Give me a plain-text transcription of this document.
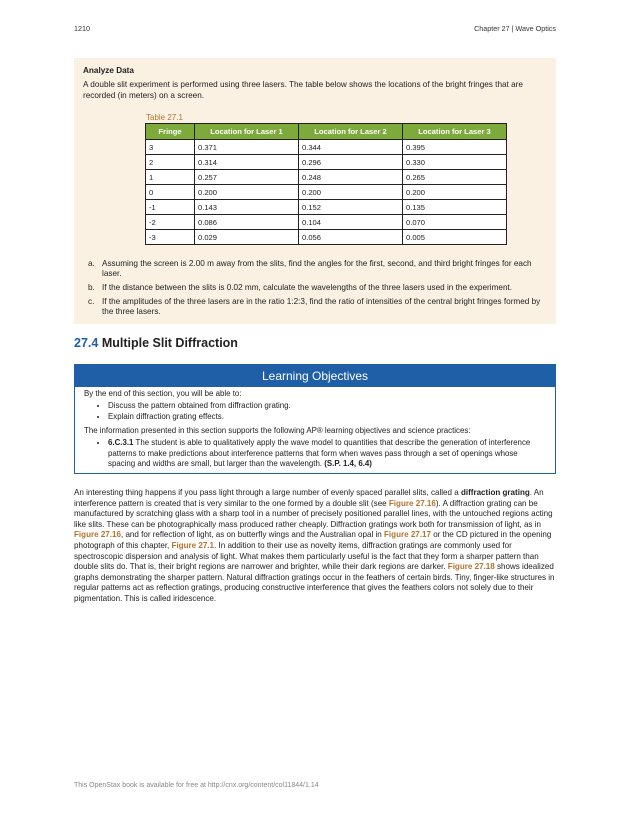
1210	Chapter 27 | Wave Optics
Analyze Data
A double slit experiment is performed using three lasers. The table below shows the locations of the bright fringes that are recorded (in meters) on a screen.
Table 27.1
Fringe	Location for Laser 1	Location for Laser 2	Location for Laser 3
3	0.371	0.344	0.395
2	0.314	0.296	0.330
1	0.257	0.248	0.265
0	0.200	0.200	0.200
-1	0.143	0.152	0.135
-2	0.086	0.104	0.070
-3	0.029	0.056	0.005
a. Assuming the screen is 2.00 m away from the slits, find the angles for the first, second, and third bright fringes for each laser.
b. If the distance between the slits is 0.02 mm, calculate the wavelengths of the three lasers used in the experiment.
c. If the amplitudes of the three lasers are in the ratio 1:2:3, find the ratio of intensities of the central bright fringes formed by the three lasers.
27.4 Multiple Slit Diffraction
Learning Objectives

By the end of this section, you will be able to:

• Discuss the pattern obtained from diffraction grating.
• Explain diffraction grating effects.

The information presented in this section supports the following AP® learning objectives and science practices:

• 6.C.3.1 The student is able to qualitatively apply the wave model to quantities that describe the generation of interference patterns to make predictions about interference patterns that form when waves pass through a set of openings whose spacing and widths are small, but larger than the wavelength. (S.P. 1.4, 6.4)
An interesting thing happens if you pass light through a large number of evenly spaced parallel slits, called a diffraction grating. An interference pattern is created that is very similar to the one formed by a double slit (see Figure 27.16). A diffraction grating can be manufactured by scratching glass with a sharp tool in a number of precisely positioned parallel lines, with the untouched regions acting like slits. These can be photographically mass produced rather cheaply. Diffraction gratings work both for transmission of light, as in Figure 27.16, and for reflection of light, as on butterfly wings and the Australian opal in Figure 27.17 or the CD pictured in the opening photograph of this chapter, Figure 27.1. In addition to their use as novelty items, diffraction gratings are commonly used for spectroscopic dispersion and analysis of light. What makes them particularly useful is the fact that they form a sharper pattern than double slits do. That is, their bright regions are narrower and brighter, while their dark regions are darker. Figure 27.18 shows idealized graphs demonstrating the sharper pattern. Natural diffraction gratings occur in the feathers of certain birds. Tiny, finger-like structures in regular patterns act as reflection gratings, producing constructive interference that gives the feathers colors not solely due to their pigmentation. This is called iridescence.
This OpenStax book is available for free at http://cnx.org/content/col11844/1.14
